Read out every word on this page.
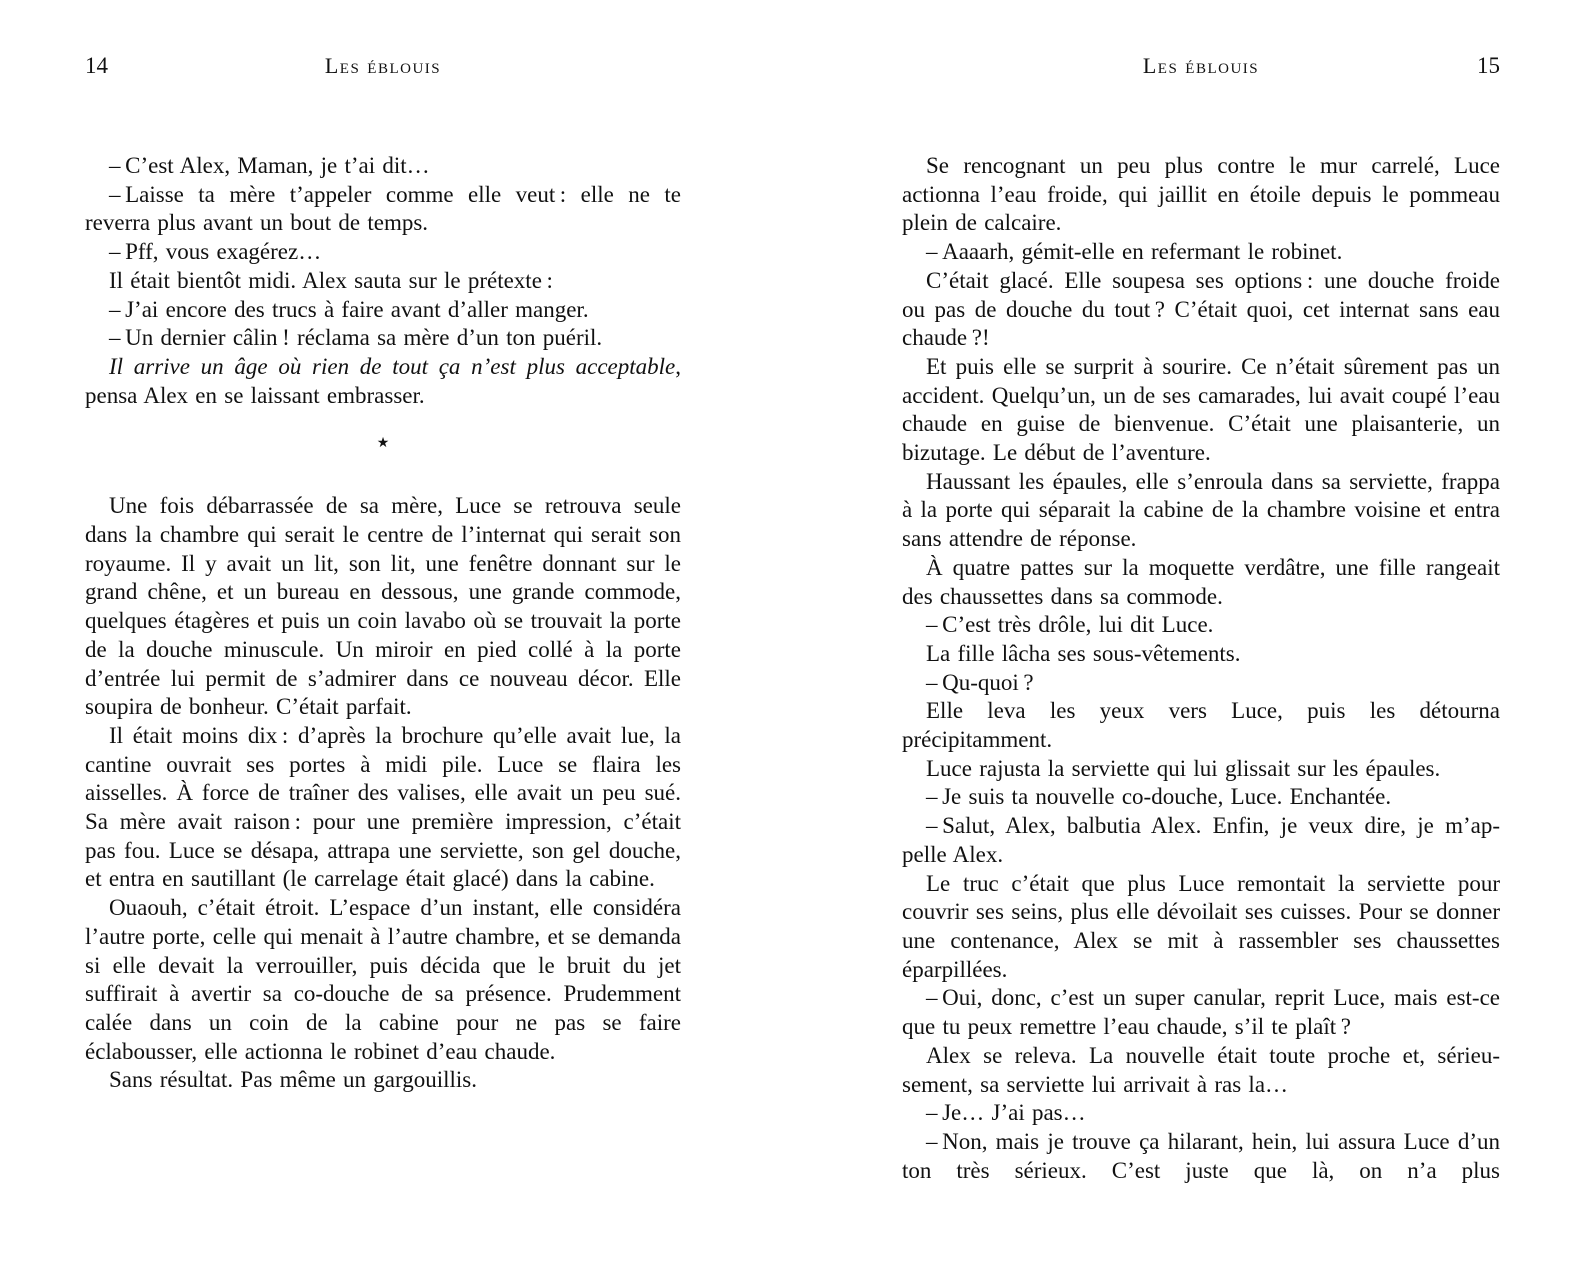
14	Les éblouis

– C’est Alex, Maman, je t’ai dit…

– Laisse ta mère t’appeler comme elle veut : elle ne te reverra plus avant un bout de temps.

– Pff, vous exagérez…

Il était bientôt midi. Alex sauta sur le prétexte :

– J’ai encore des trucs à faire avant d’aller manger.

– Un dernier câlin ! réclama sa mère d’un ton puéril.

Il arrive un âge où rien de tout ça n’est plus acceptable, pensa Alex en se laissant embrasser.

★

Une fois débarrassée de sa mère, Luce se retrouva seule dans la chambre qui serait le centre de l’internat qui serait son royaume. Il y avait un lit, son lit, une fenêtre donnant sur le grand chêne, et un bureau en dessous, une grande commode, quelques étagères et puis un coin lavabo où se trouvait la porte de la douche minuscule. Un miroir en pied collé à la porte d’entrée lui permit de s’admirer dans ce nouveau décor. Elle soupira de bonheur. C’était parfait.

Il était moins dix : d’après la brochure qu’elle avait lue, la cantine ouvrait ses portes à midi pile. Luce se flaira les aisselles. À force de traîner des valises, elle avait un peu sué. Sa mère avait raison : pour une première impression, c’était pas fou. Luce se désapa, attrapa une serviette, son gel douche, et entra en sautillant (le carrelage était glacé) dans la cabine.

Ouaouh, c’était étroit. L’espace d’un instant, elle considéra l’autre porte, celle qui menait à l’autre chambre, et se demanda si elle devait la verrouiller, puis décida que le bruit du jet suffirait à avertir sa co-douche de sa présence. Prudemment calée dans un coin de la cabine pour ne pas se faire éclabousser, elle actionna le robinet d’eau chaude.

Sans résultat. Pas même un gargouillis.

Les éblouis	15

Se rencognant un peu plus contre le mur carrelé, Luce actionna l’eau froide, qui jaillit en étoile depuis le pommeau plein de calcaire.

– Aaaarh, gémit-elle en refermant le robinet.

C’était glacé. Elle soupesa ses options : une douche froide ou pas de douche du tout ? C’était quoi, cet internat sans eau chaude ?!

Et puis elle se surprit à sourire. Ce n’était sûrement pas un accident. Quelqu’un, un de ses camarades, lui avait coupé l’eau chaude en guise de bienvenue. C’était une plaisanterie, un bizutage. Le début de l’aventure.

Haussant les épaules, elle s’enroula dans sa serviette, frappa à la porte qui séparait la cabine de la chambre voisine et entra sans attendre de réponse.

À quatre pattes sur la moquette verdâtre, une fille rangeait des chaussettes dans sa commode.

– C’est très drôle, lui dit Luce.

La fille lâcha ses sous-vêtements.

– Qu-quoi ?

Elle leva les yeux vers Luce, puis les détourna précipitamment.

Luce rajusta la serviette qui lui glissait sur les épaules.

– Je suis ta nouvelle co-douche, Luce. Enchantée.

– Salut, Alex, balbutia Alex. Enfin, je veux dire, je m’appelle Alex.

Le truc c’était que plus Luce remontait la serviette pour couvrir ses seins, plus elle dévoilait ses cuisses. Pour se donner une contenance, Alex se mit à rassembler ses chaussettes éparpillées.

– Oui, donc, c’est un super canular, reprit Luce, mais est-ce que tu peux remettre l’eau chaude, s’il te plaît ?

Alex se releva. La nouvelle était toute proche et, sérieusement, sa serviette lui arrivait à ras la…

– Je… J’ai pas…

– Non, mais je trouve ça hilarant, hein, lui assura Luce d’un ton très sérieux. C’est juste que là, on n’a plus
